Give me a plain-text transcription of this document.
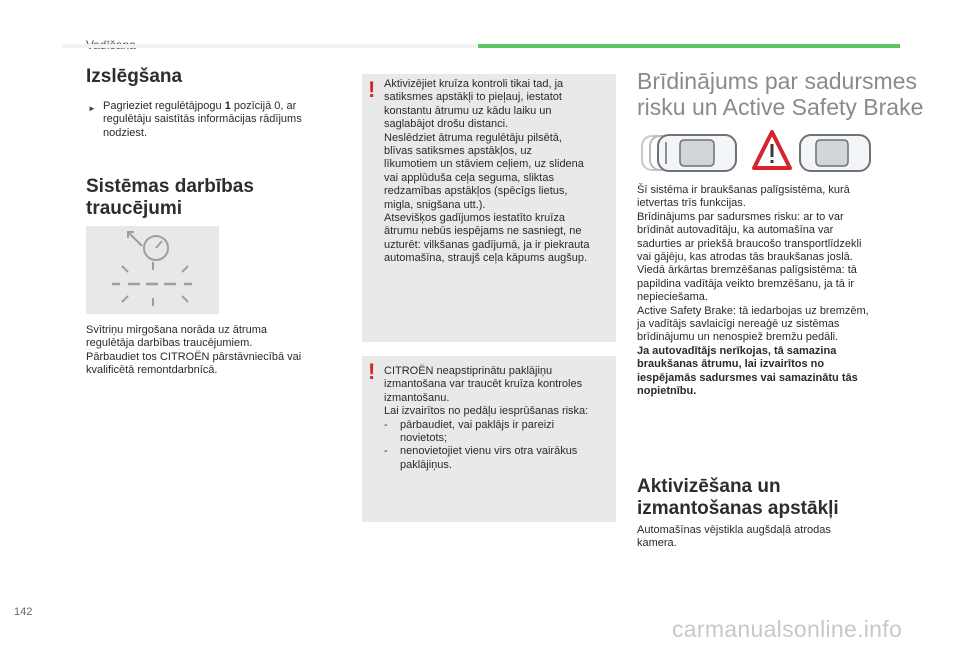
Izslēgšana
► Pagrieziet regulētājpogu 1 pozīcijā 0, ar
regulētāju saistītās informācijas rādījums
nodziest.
Sistēmas darbības
traucējumi

Svītriņu mirgošana norāda uz ātruma

regulētāja darbības traucējumiem.

Pārbaudiet tos CITROËN pārstāvniecībā vai

kvalificētā remontdarbnīcā.

! Aktivizējiet kruīza kontroli tikai tad, ja

satiksmes apstākļi to pieļauj, iestatot

konstantu ātrumu uz kādu laiku un

saglabājot drošu distanci.

Neslēdziet ātruma regulētāju pilsētā,

blīvas satiksmes apstākļos, uz

līkumotiem un stāviem ceļiem, uz slidena

vai applūduša ceļa seguma, sliktas

redzamības apstākļos (spēcīgs lietus,

migla, snigšana utt.).

Atsevišķos gadījumos iestatīto kruīza

ātrumu nebūs iespējams ne sasniegt, ne

uzturēt: vilkšanas gadījumā, ja ir piekrauta

automašīna, straujš ceļa kāpums augšup.

! CITROËN neapstiprinātu paklājiņu

izmantošana var traucēt kruīza kontroles

izmantošanu.

Lai izvairītos no pedāļu iesprūšanas riska:

-	pārbaudiet, vai paklājs ir pareizi
novietots;
-	nenovietojiet vienu virs otra vairākus
paklājiņus.
Brīdinājums par sadursmes
risku un Active Safety Brake

Šī sistēma ir braukšanas palīgsistēma, kurā

ietvertas trīs funkcijas.

Brīdinājums par sadursmes risku: ar to var

brīdināt autovadītāju, ka automašīna var

sadurties ar priekšā braucošo transportlīdzekli

vai gājēju, kas atrodas tās braukšanas joslā.

Viedā ārkārtas bremzēšanas palīgsistēma: tā

papildina vadītāja veikto bremzēšanu, ja tā ir

nepieciešama.

Active Safety Brake: tā iedarbojas uz bremzēm,

ja vadītājs savlaicīgi nereaģē uz sistēmas

brīdinājumu un nenospiež bremžu pedāli.

Ja autovadītājs nerīkojas, tā samazina

braukšanas ātrumu, lai izvairītos no

iespējamās sadursmes vai samazinātu tās

nopietnību.

Aktivizēšana un
izmantošanas apstākļi

Automašīnas vējstikla augšdaļā atrodas

kamera.

142
carmanualsonline.info
